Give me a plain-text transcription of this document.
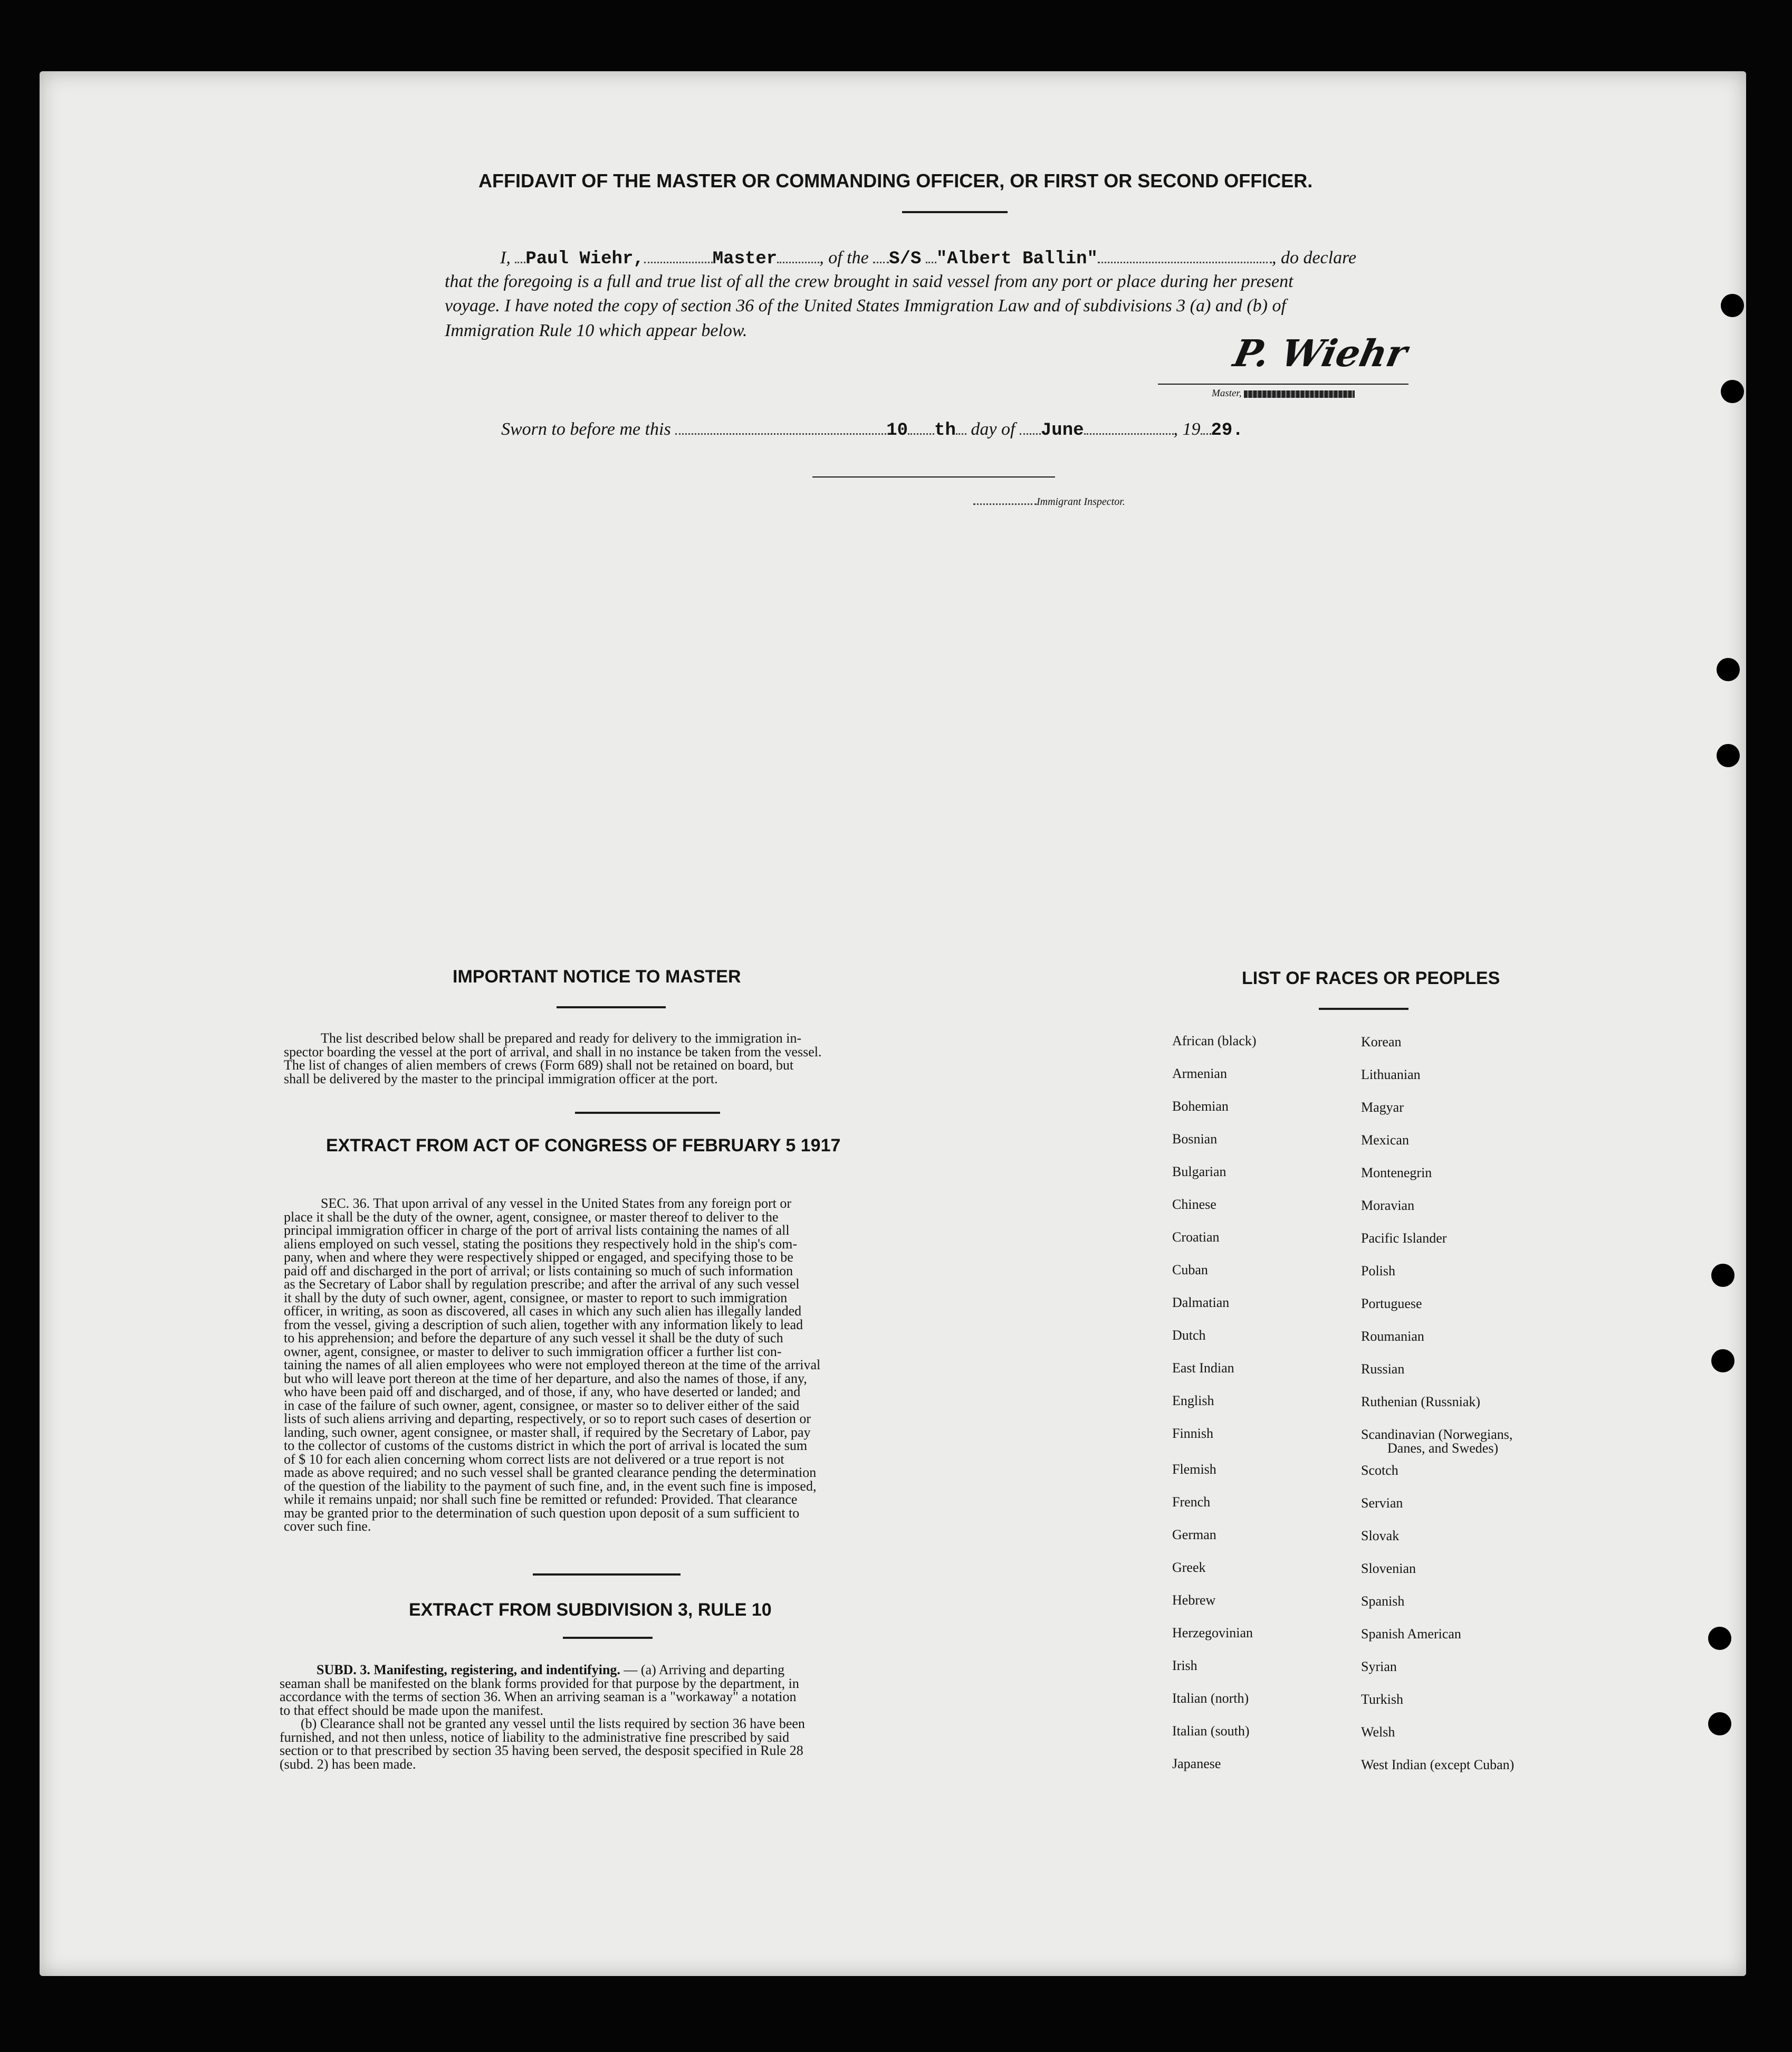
AFFIDAVIT OF THE MASTER OR COMMANDING OFFICER, OR FIRST OR SECOND OFFICER.
I, Paul Wiehr,	Master , of the S/S "Albert Ballin"	, do declare
that the foregoing is a full and true list of all the crew brought in said vessel from any port or place during her present
voyage. I have noted the copy of section 36 of the United States Immigration Law and of subdivisions 3 (a) and (b) of
Immigration Rule 10 which appear below.
P. Wiehr
Master,
Sworn to before me this	10 th day of June	, 19 29.
Immigrant Inspector.
IMPORTANT NOTICE TO MASTER

The list described below shall be prepared and ready for delivery to the immigration in-

spector boarding the vessel at the port of arrival, and shall in no instance be taken from the vessel.

The list of changes of alien members of crews (Form 689) shall not be retained on board, but

shall be delivered by the master to the principal immigration officer at the port.

EXTRACT FROM ACT OF CONGRESS OF FEBRUARY 5 1917

SEC. 36. That upon arrival of any vessel in the United States from any foreign port or

place it shall be the duty of the owner, agent, consignee, or master thereof to deliver to the

principal immigration officer in charge of the port of arrival lists containing the names of all

aliens employed on such vessel, stating the positions they respectively hold in the ship's com-

pany, when and where they were respectively shipped or engaged, and specifying those to be

paid off and discharged in the port of arrival; or lists containing so much of such information

as the Secretary of Labor shall by regulation prescribe; and after the arrival of any such vessel

it shall by the duty of such owner, agent, consignee, or master to report to such immigration

officer, in writing, as soon as discovered, all cases in which any such alien has illegally landed

from the vessel, giving a description of such alien, together with any information likely to lead

to his apprehension; and before the departure of any such vessel it shall be the duty of such

owner, agent, consignee, or master to deliver to such immigration officer a further list con-

taining the names of all alien employees who were not employed thereon at the time of the arrival

but who will leave port thereon at the time of her departure, and also the names of those, if any,

who have been paid off and discharged, and of those, if any, who have deserted or landed; and

in case of the failure of such owner, agent, consignee, or master so to deliver either of the said

lists of such aliens arriving and departing, respectively, or so to report such cases of desertion or

landing, such owner, agent consignee, or master shall, if required by the Secretary of Labor, pay

to the collector of customs of the customs district in which the port of arrival is located the sum

of $ 10 for each alien concerning whom correct lists are not delivered or a true report is not

made as above required; and no such vessel shall be granted clearance pending the determination

of the question of the liability to the payment of such fine, and, in the event such fine is imposed,

while it remains unpaid; nor shall such fine be remitted or refunded: Provided. That clearance

may be granted prior to the determination of such question upon deposit of a sum sufficient to

cover such fine.

EXTRACT FROM SUBDIVISION 3, RULE 10

SUBD. 3. Manifesting, registering, and indentifying. — (a) Arriving and departing

seaman shall be manifested on the blank forms provided for that purpose by the department, in

accordance with the terms of section 36. When an arriving seaman is a "workaway" a notation

to that effect should be made upon the manifest.

(b) Clearance shall not be granted any vessel until the lists required by section 36 have been

furnished, and not then unless, notice of liability to the administrative fine prescribed by said

section or to that prescribed by section 35 having been served, the desposit specified in Rule 28

(subd. 2) has been made.

LIST OF RACES OR PEOPLES
African (black)
Armenian
Bohemian
Bosnian
Bulgarian
Chinese
Croatian
Cuban
Dalmatian
Dutch
East Indian
English
Finnish
Flemish
French
German
Greek
Hebrew
Herzegovinian
Irish
Italian (north)
Italian (south)
Japanese
Korean
Lithuanian
Magyar
Mexican
Montenegrin
Moravian
Pacific Islander
Polish
Portuguese
Roumanian
Russian
Ruthenian (Russniak)
Scandinavian (Norwegians,
Danes, and Swedes)
Scotch
Servian
Slovak
Slovenian
Spanish
Spanish American
Syrian
Turkish
Welsh
West Indian (except Cuban)
